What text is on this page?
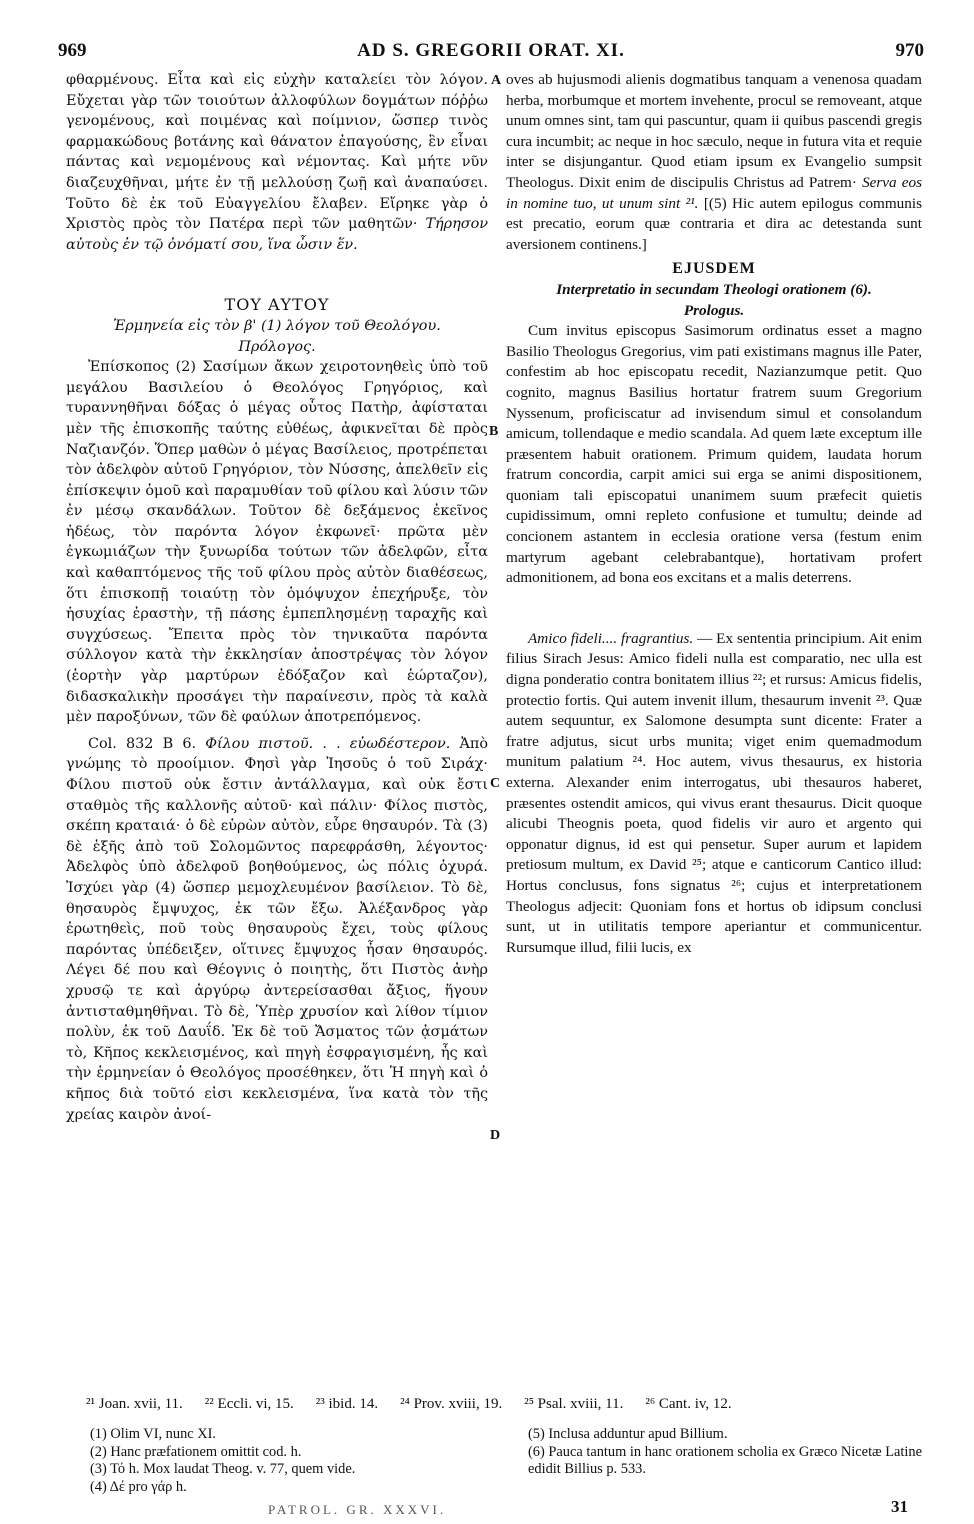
969	AD S. GREGORII ORAT. XI.	970
A
B
C
D

φθαρμένους. Εἶτα καὶ εἰς εὐχὴν καταλείει τὸν λόγον. Εὔχεται γὰρ τῶν τοιούτων ἀλλοφύλων δογμάτων πόῤῥω γενομένους, καὶ ποιμένας καὶ ποίμνιον, ὥσπερ τινὸς φαρμακώδους βοτάνης καὶ θάνατον ἐπαγούσης, ἓν εἶναι πάντας καὶ νεμομένους καὶ νέμοντας. Καὶ μήτε νῦν διαζευχθῆναι, μήτε ἐν τῇ μελλούσῃ ζωῇ καὶ ἀναπαύσει. Τοῦτο δὲ ἐκ τοῦ Εὐαγγελίου ἔλαβεν. Εἴρηκε γὰρ ὁ Χριστὸς πρὸς τὸν Πατέρα περὶ τῶν μαθητῶν· Τήρησον αὐτοὺς ἐν τῷ ὀνόματί σου, ἵνα ὦσιν ἕν.

ΤΟΥ ΑΥΤΟΥ

Ἑρμηνεία εἰς τὸν β' (1) λόγον τοῦ Θεολόγου.

Πρόλογος.

Ἐπίσκοπος (2) Σασίμων ἄκων χειροτονηθεὶς ὑπὸ τοῦ μεγάλου Βασιλείου ὁ Θεολόγος Γρηγόριος, καὶ τυραννηθῆναι δόξας ὁ μέγας οὗτος Πατὴρ, ἀφίσταται μὲν τῆς ἐπισκοπῆς ταύτης εὐθέως, ἀφικνεῖται δὲ πρὸς Ναζιανζόν. Ὅπερ μαθὼν ὁ μέγας Βασίλειος, προτρέπεται τὸν ἀδελφὸν αὐτοῦ Γρηγόριον, τὸν Νύσσης, ἀπελθεῖν εἰς ἐπίσκεψιν ὁμοῦ καὶ παραμυθίαν τοῦ φίλου καὶ λύσιν τῶν ἐν μέσῳ σκανδάλων. Τοῦτον δὲ δεξάμενος ἐκεῖνος ἡδέως, τὸν παρόντα λόγον ἐκφωνεῖ· πρῶτα μὲν ἐγκωμιάζων τὴν ξυνωρίδα τούτων τῶν ἀδελφῶν, εἶτα καὶ καθαπτόμενος τῆς τοῦ φίλου πρὸς αὐτὸν διαθέσεως, ὅτι ἐπισκοπῇ τοιαύτῃ τὸν ὁμόψυχον ἐπεχήρυξε, τὸν ἡσυχίας ἐραστὴν, τῇ πάσης ἐμπεπλησμένῃ ταραχῆς καὶ συγχύσεως. Ἔπειτα πρὸς τὸν τηνικαῦτα παρόντα σύλλογον κατὰ τὴν ἐκκλησίαν ἀποστρέψας τὸν λόγον (ἑορτὴν γὰρ μαρτύρων ἐδόξαζον καὶ ἑώρταζον), διδασκαλικὴν προσάγει τὴν παραίνεσιν, πρὸς τὰ καλὰ μὲν παροξύνων, τῶν δὲ φαύλων ἀποτρεπόμενος.

Col. 832 B 6. Φίλου πιστοῦ. . . εὐωδέστερον. Ἀπὸ γνώμης τὸ προοίμιον. Φησὶ γὰρ Ἰησοῦς ὁ τοῦ Σιράχ· Φίλου πιστοῦ οὐκ ἔστιν ἀντάλλαγμα, καὶ οὐκ ἔστι σταθμὸς τῆς καλλονῆς αὐτοῦ· καὶ πάλιν· Φίλος πιστὸς, σκέπη κραταιά· ὁ δὲ εὑρὼν αὐτὸν, εὗρε θησαυρόν. Τὰ (3) δὲ ἑξῆς ἀπὸ τοῦ Σολομῶντος παρεφράσθη, λέγοντος· Ἀδελφὸς ὑπὸ ἀδελφοῦ βοηθούμενος, ὡς πόλις ὀχυρά. Ἰσχύει γὰρ (4) ὥσπερ μεμοχλευμένον βασίλειον. Τὸ δὲ, θησαυρὸς ἔμψυχος, ἐκ τῶν ἔξω. Ἀλέξανδρος γὰρ ἐρωτηθεὶς, ποῦ τοὺς θησαυροὺς ἔχει, τοὺς φίλους παρόντας ὑπέδειξεν, οἵτινες ἔμψυχος ἦσαν θησαυρός. Λέγει δέ που καὶ Θέογνις ὁ ποιητὴς, ὅτι Πιστὸς ἀνὴρ χρυσῷ τε καὶ ἀργύρῳ ἀντερείσασθαι ἄξιος, ἥγουν ἀντισταθμηθῆναι. Τὸ δὲ, Ὑπὲρ χρυσίον καὶ λίθον τίμιον πολὺν, ἐκ τοῦ Δαυΐδ. Ἐκ δὲ τοῦ Ἄσματος τῶν ᾀσμάτων τὸ, Κῆπος κεκλεισμένος, καὶ πηγὴ ἐσφραγισμένη, ἧς καὶ τὴν ἑρμηνείαν ὁ Θεολόγος προσέθηκεν, ὅτι Ἡ πηγὴ καὶ ὁ κῆπος διὰ τοῦτό εἰσι κεκλεισμένα, ἵνα κατὰ τὸν τῆς χρείας καιρὸν ἀνοί-

oves ab hujusmodi alienis dogmatibus tanquam a venenosa quadam herba, morbumque et mortem invehente, procul se removeant, atque unum omnes sint, tam qui pascuntur, quam ii quibus pascendi gregis cura incumbit; ac neque in hoc sæculo, neque in futura vita et requie inter se disjungantur. Quod etiam ipsum ex Evangelio sumpsit Theologus. Dixit enim de discipulis Christus ad Patrem· Serva eos in nomine tuo, ut unum sint ²¹. [(5) Hic autem epilogus communis est precatio, eorum quæ contraria et dira ac detestanda sunt aversionem continens.]

EJUSDEM

Interpretatio in secundam Theologi orationem (6).

Prologus.

Cum invitus episcopus Sasimorum ordinatus esset a magno Basilio Theologus Gregorius, vim pati existimans magnus ille Pater, confestim ab hoc episcopatu recedit, Nazianzumque petit. Quo cognito, magnus Basilius hortatur fratrem suum Gregorium Nyssenum, proficiscatur ad invisendum simul et consolandum amicum, tollendaque e medio scandala. Ad quem læte exceptum ille præsentem habuit orationem. Primum quidem, laudata horum fratrum concordia, carpit amici sui erga se animi dispositionem, quoniam tali episcopatui unanimem suum præfecit quietis cupidissimum, omni repleto confusione et tumultu; deinde ad concionem astantem in ecclesia oratione versa (festum enim martyrum agebant celebrabantque), hortativam profert admonitionem, ad bona eos excitans et a malis deterrens.

Amico fideli.... fragrantius. — Ex sententia principium. Ait enim filius Sirach Jesus: Amico fideli nulla est comparatio, nec ulla est digna ponderatio contra bonitatem illius ²²; et rursus: Amicus fidelis, protectio fortis. Qui autem invenit illum, thesaurum invenit ²³. Quæ autem sequuntur, ex Salomone desumpta sunt dicente: Frater a fratre adjutus, sicut urbs munita; viget enim quemadmodum munitum palatium ²⁴. Hoc autem, vivus thesaurus, ex historia externa. Alexander enim interrogatus, ubi thesauros haberet, præsentes ostendit amicos, qui vivus erant thesaurus. Dicit quoque alicubi Theognis poeta, quod fidelis vir auro et argento qui opponatur dignus, id est qui pensetur. Super aurum et lapidem pretiosum multum, ex David ²⁵; atque e canticorum Cantico illud: Hortus conclusus, fons signatus ²⁶; cujus et interpretationem Theologus adjecit: Quoniam fons et hortus ob idipsum conclusi sunt, ut in utilitatis tempore aperiantur et communicentur. Rursumque illud, filii lucis, ex

²¹ Joan. xvii, 11. ²² Eccli. vi, 15. ²³ ibid. 14. ²⁴ Prov. xviii, 19. ²⁵ Psal. xviii, 11. ²⁶ Cant. iv, 12.
(1) Olim VI, nunc XI.
(2) Hanc præfationem omittit cod. h.
(3) Τό h. Mox laudat Theog. v. 77, quem vide.
(4) Δέ pro γάρ h.
(5) Inclusa adduntur apud Billium.
(6) Pauca tantum in hanc orationem scholia ex Græco Nicetæ Latine edidit Billius p. 533.
PATROL. GR. XXXVI.	31
